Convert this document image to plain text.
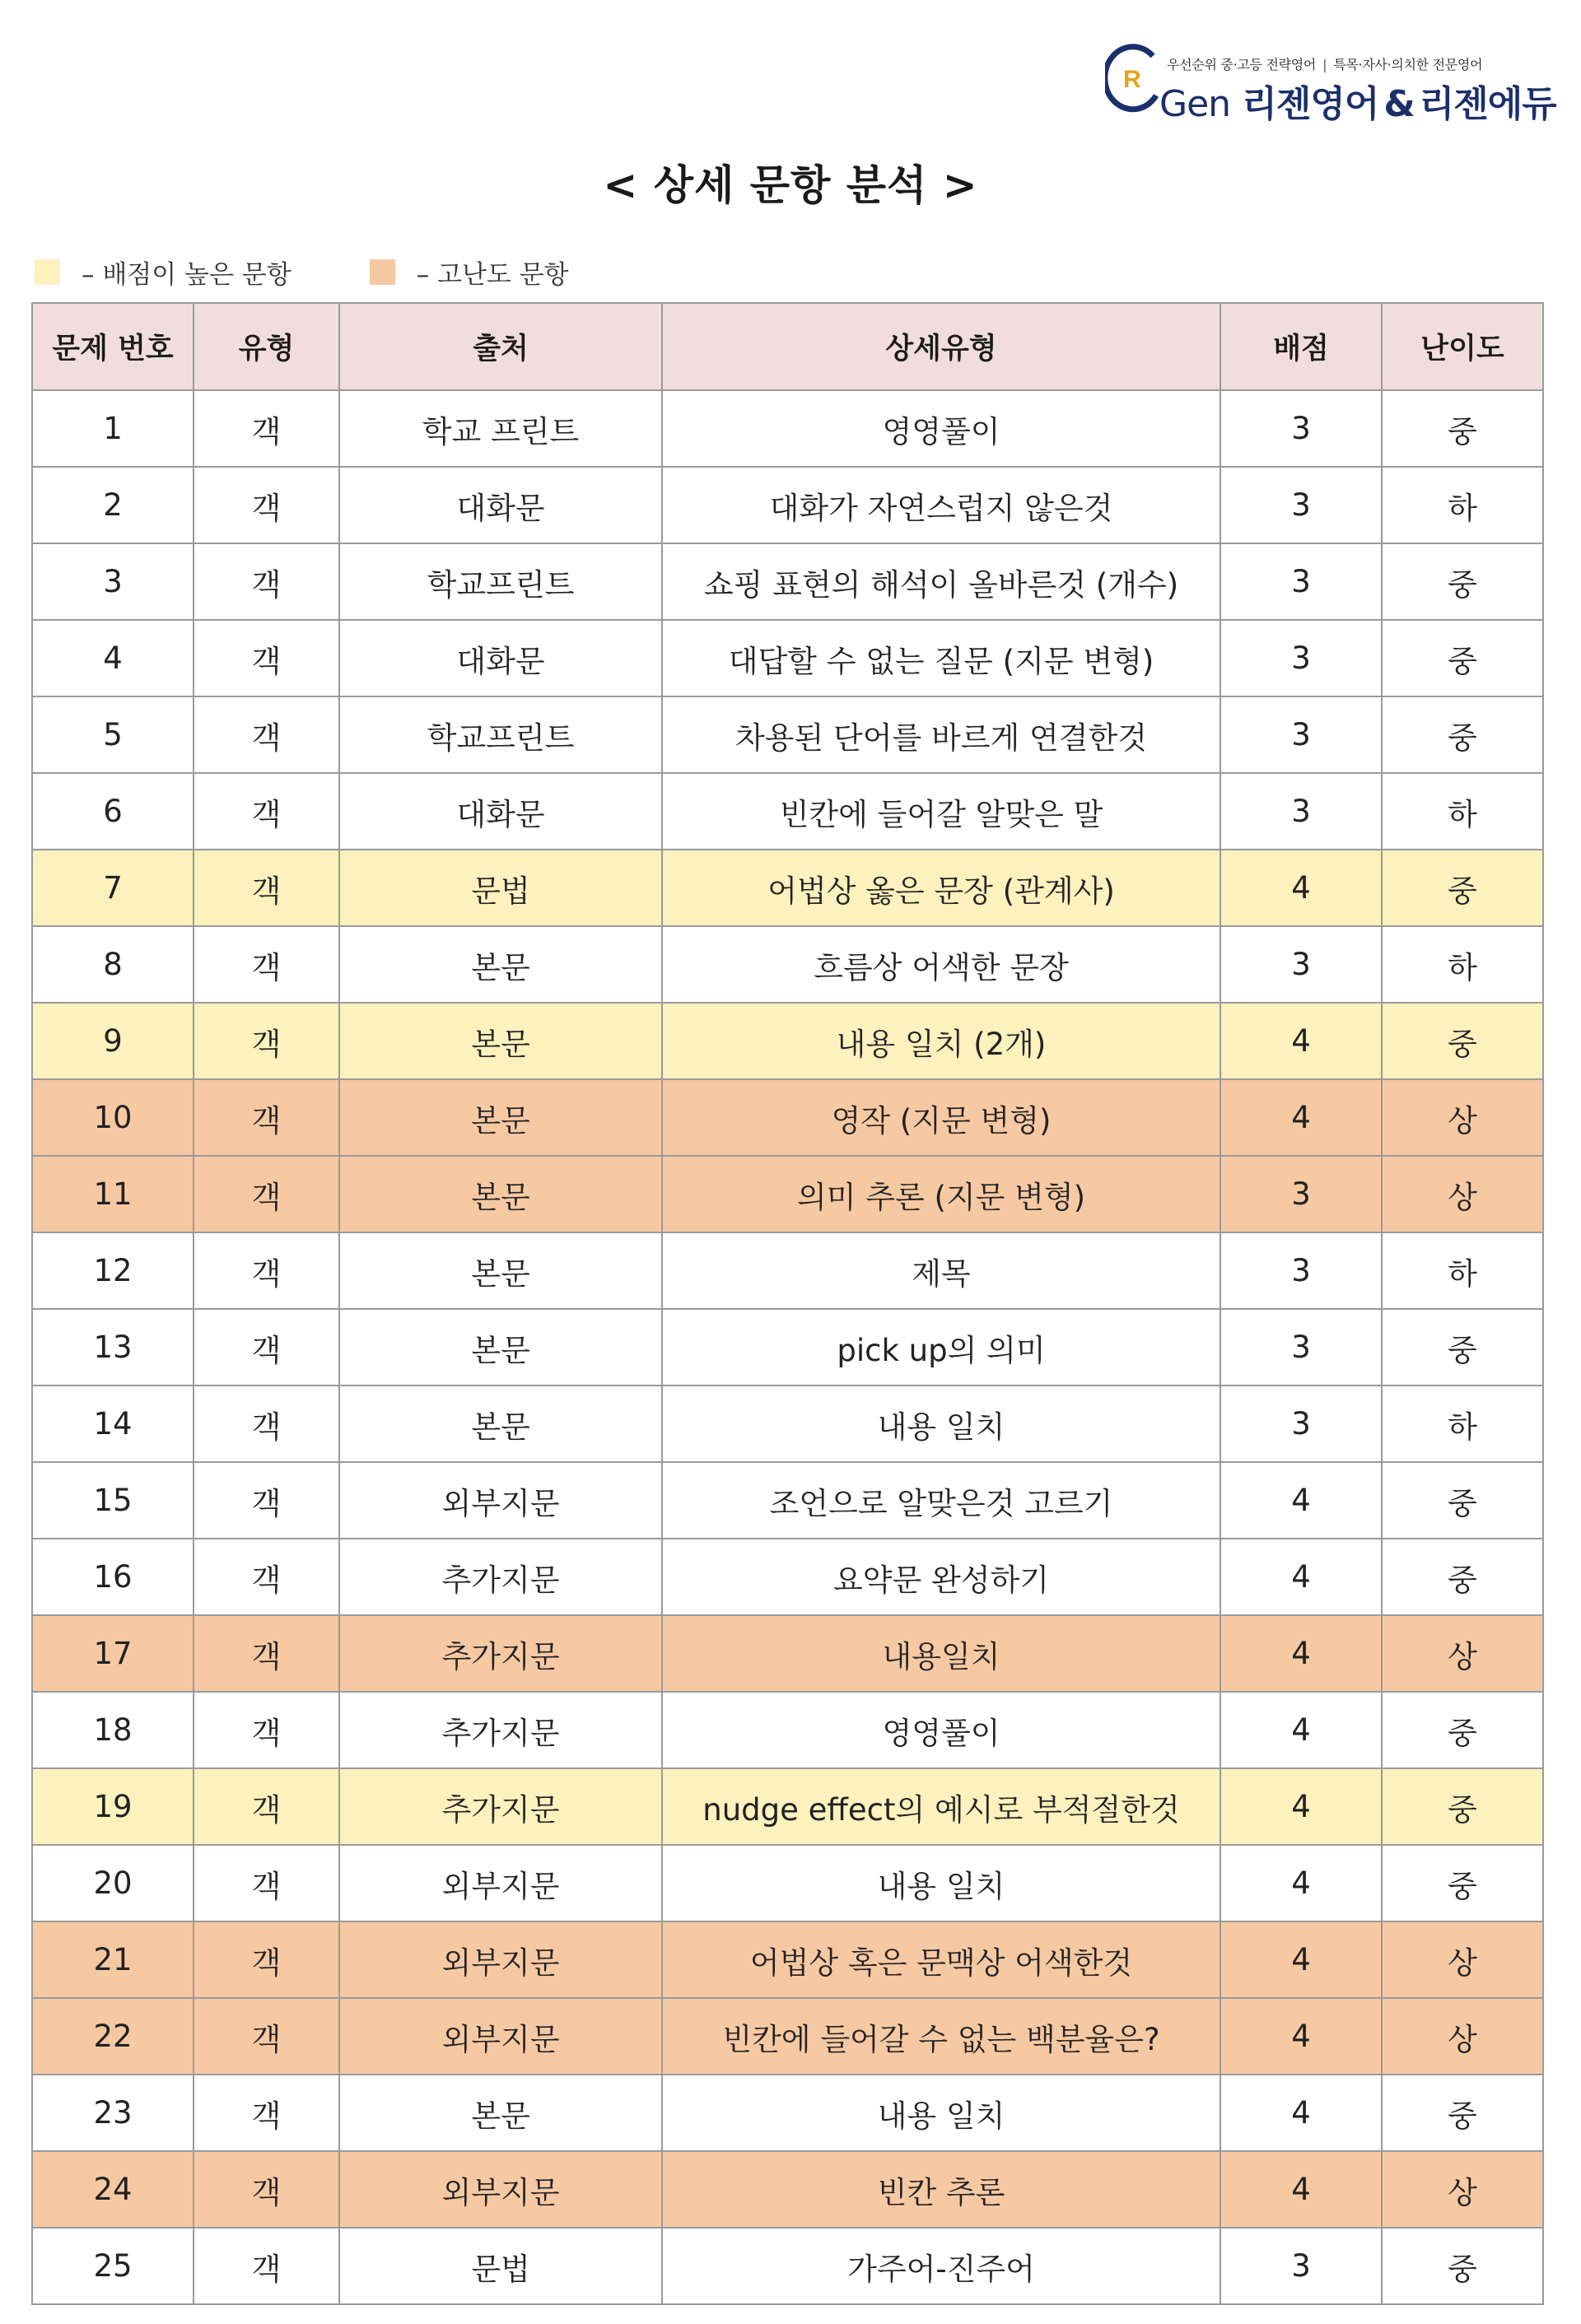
R
우선순위 중·고등 전략영어 | 특목·자사·의치한 전문영어
Gen 리젠영어 & 리젠에듀
< 상세 문항 분석 >
– 배점이 높은 문항	– 고난도 문항
문제 번호	유형	출처	상세유형	배점	난이도
1	객	학교 프린트	영영풀이	3	중
2	객	대화문	대화가 자연스럽지 않은것	3	하
3	객	학교프린트	쇼핑 표현의 해석이 올바른것 (개수)	3	중
4	객	대화문	대답할 수 없는 질문 (지문 변형)	3	중
5	객	학교프린트	차용된 단어를 바르게 연결한것	3	중
6	객	대화문	빈칸에 들어갈 알맞은 말	3	하
7	객	문법	어법상 옳은 문장 (관계사)	4	중
8	객	본문	흐름상 어색한 문장	3	하
9	객	본문	내용 일치 (2개)	4	중
10	객	본문	영작 (지문 변형)	4	상
11	객	본문	의미 추론 (지문 변형)	3	상
12	객	본문	제목	3	하
13	객	본문	pick up의 의미	3	중
14	객	본문	내용 일치	3	하
15	객	외부지문	조언으로 알맞은것 고르기	4	중
16	객	추가지문	요약문 완성하기	4	중
17	객	추가지문	내용일치	4	상
18	객	추가지문	영영풀이	4	중
19	객	추가지문	nudge effect의 예시로 부적절한것	4	중
20	객	외부지문	내용 일치	4	중
21	객	외부지문	어법상 혹은 문맥상 어색한것	4	상
22	객	외부지문	빈칸에 들어갈 수 없는 백분율은?	4	상
23	객	본문	내용 일치	4	중
24	객	외부지문	빈칸 추론	4	상
25	객	문법	가주어-진주어	3	중
